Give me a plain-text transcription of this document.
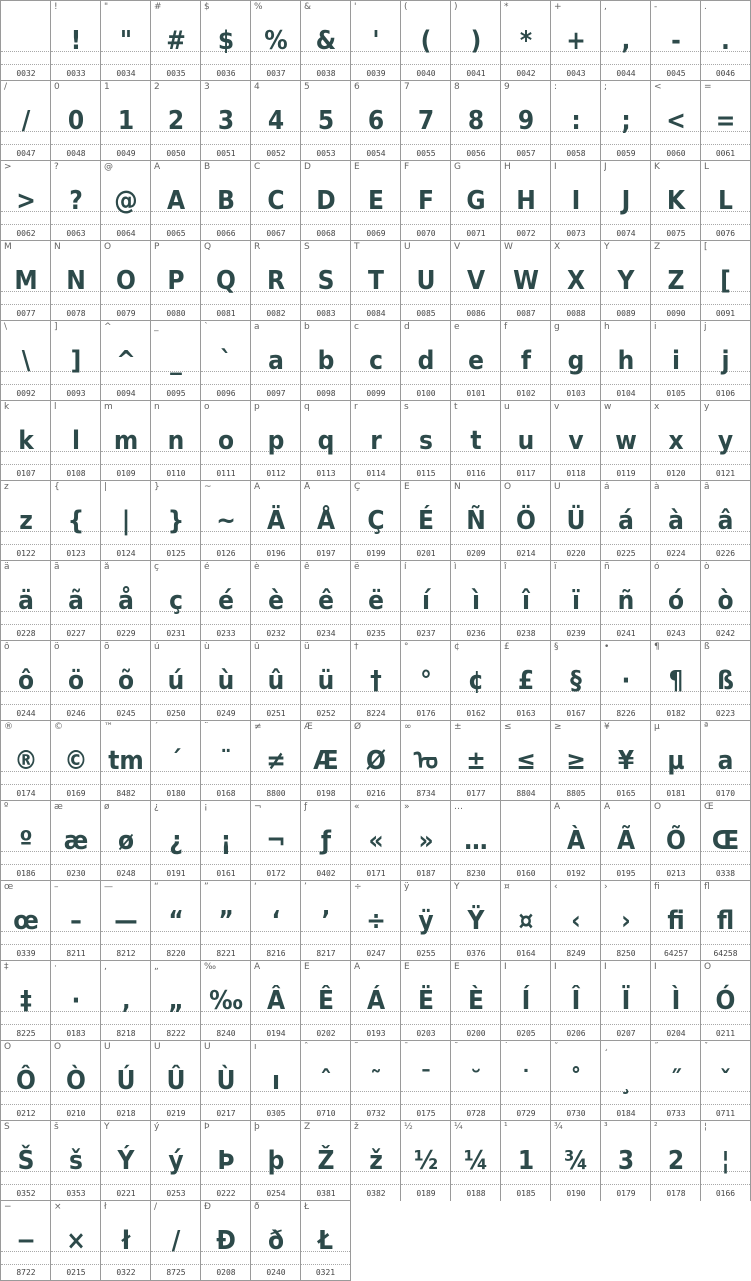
0032
!
!
0033
"
"
0034
#
#
0035
$
$
0036
%
%
0037
&
&
0038
'
'
0039
(
(
0040
)
)
0041
*
*
0042
+
+
0043
,
,
0044
-
-
0045
.
.
0046
/
/
0047
0
0
0048
1
1
0049
2
2
0050
3
3
0051
4
4
0052
5
5
0053
6
6
0054
7
7
0055
8
8
0056
9
9
0057
:
:
0058
;
;
0059
<
<
0060
=
=
0061
>
>
0062
?
?
0063
@
@
0064
A
A
0065
B
B
0066
C
C
0067
D
D
0068
E
E
0069
F
F
0070
G
G
0071
H
H
0072
I
I
0073
J
J
0074
K
K
0075
L
L
0076
M
M
0077
N
N
0078
O
O
0079
P
P
0080
Q
Q
0081
R
R
0082
S
S
0083
T
T
0084
U
U
0085
V
V
0086
W
W
0087
X
X
0088
Y
Y
0089
Z
Z
0090
[
[
0091
\
\
0092
]
]
0093
^
^
0094
_
_
0095
`
`
0096
a
a
0097
b
b
0098
c
c
0099
d
d
0100
e
e
0101
f
f
0102
g
g
0103
h
h
0104
i
i
0105
j
j
0106
k
k
0107
l
l
0108
m
m
0109
n
n
0110
o
o
0111
p
p
0112
q
q
0113
r
r
0114
s
s
0115
t
t
0116
u
u
0117
v
v
0118
w
w
0119
x
x
0120
y
y
0121
z
z
0122
{
{
0123
|
|
0124
}
}
0125
~
~
0126
Ä
Ä
0196
Å
Å
0197
Ç
Ç
0199
É
É
0201
Ñ
Ñ
0209
Ö
Ö
0214
Ü
Ü
0220
á
á
0225
à
à
0224
â
â
0226
ä
ä
0228
ã
ã
0227
å
å
0229
ç
ç
0231
é
é
0233
è
è
0232
ê
ê
0234
ë
ë
0235
í
í
0237
ì
ì
0236
î
î
0238
ï
ï
0239
ñ
ñ
0241
ó
ó
0243
ò
ò
0242
ô
ô
0244
ö
ö
0246
õ
õ
0245
ú
ú
0250
ù
ù
0249
û
û
0251
ü
ü
0252
†
†
8224
°
°
0176
¢
¢
0162
£
£
0163
§
§
0167
•
·
8226
¶
¶
0182
ß
ß
0223
®
®
0174
©
©
0169
™
tm
8482
´
´
0180
¨
¨
0168
≠
≠
8800
Æ
Æ
0198
Ø
Ø
0216
∞
ᠣ
8734
±
±
0177
≤
≤
8804
≥
≥
8805
¥
¥
0165
µ
µ
0181
ª
a
0170
º
º
0186
æ
æ
0230
ø
ø
0248
¿
¿
0191
¡
¡
0161
¬
¬
0172
ƒ
ƒ
0402
«
«
0171
»
»
0187
…
…
8230	0160
À
À
0192
Ã
Ã
0195
Õ
Õ
0213
Œ
Œ
0338
œ
œ
0339
–
–
8211
—
—
8212
“
“
8220
”
”
8221
‘
‘
8216
’
’
8217
÷
÷
0247
ÿ
ÿ
0255
Ÿ
Ÿ
0376
¤
¤
0164
‹
‹
8249
›
›
8250
ﬁ
ﬁ
64257
ﬂ
ﬂ
64258
‡
‡
8225
·
·
0183
‚
‚
8218
„
„
8222
‰
‰
8240
Â
Â
0194
Ê
Ê
0202
Á
Á
0193
Ë
Ë
0203
È
È
0200
Í
Í
0205
Î
Î
0206
Ï
Ï
0207
Ì
Ì
0204
Ó
Ó
0211
Ô
Ô
0212
Ò
Ò
0210
Ú
Ú
0218
Û
Û
0219
Ù
Ù
0217
ı
ı
0305
ˆ
ˆ
0710
˜
˜
0732
¯
¯
0175
˘
˘
0728
˙
˙
0729
˚
˚
0730
¸
¸
0184
˝
˝
0733
ˇ
ˇ
0711
Š
Š
0352
š
š
0353
Ý
Ý
0221
ý
ý
0253
Þ
Þ
0222
þ
þ
0254
Ž
Ž
0381
ž
ž
0382
½
½
0189
¼
¼
0188
¹
1
0185
¾
¾
0190
³
3
0179
²
2
0178
¦
¦
0166
−
−
8722
×
×
0215
ł
ł
0322
∕
∕
8725
Ð
Đ
0208
ð
ð
0240
Ł
Ł
0321
